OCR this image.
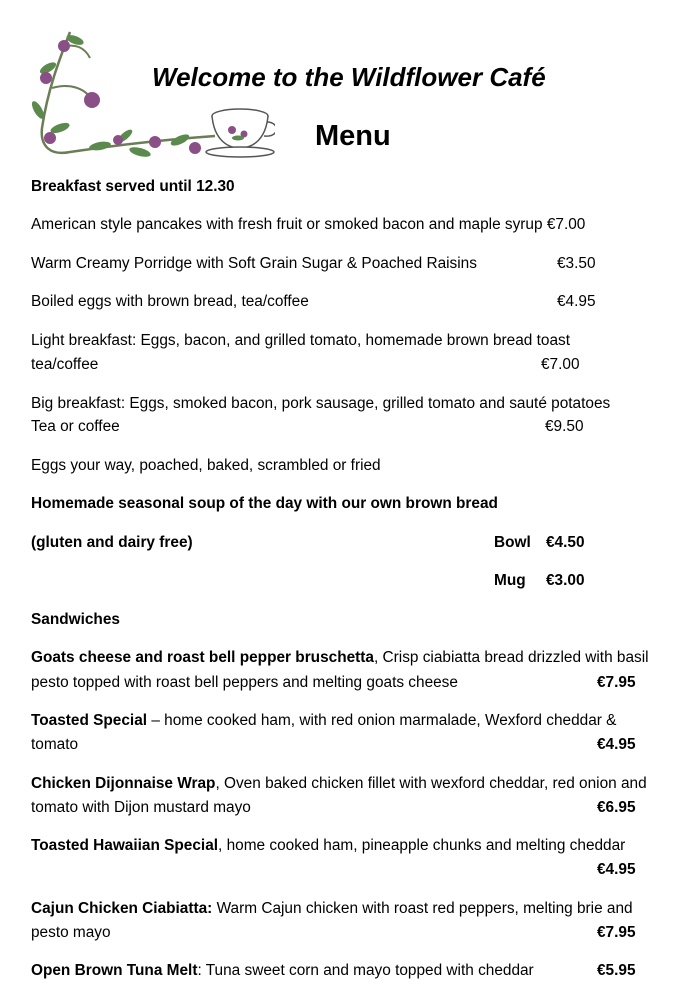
Welcome to the Wildflower Café
Menu
Breakfast served until 12.30
American style pancakes with fresh fruit or smoked bacon and maple syrup €7.00
Warm Creamy Porridge with Soft Grain Sugar & Poached Raisins	€3.50
Boiled eggs with brown bread, tea/coffee	€4.95
Light breakfast: Eggs, bacon, and grilled tomato, homemade brown bread toast
tea/coffee	€7.00
Big breakfast: Eggs, smoked bacon, pork sausage, grilled tomato and sauté potatoes
Tea or coffee	€9.50
Eggs your way, poached, baked, scrambled or fried
Homemade seasonal soup of the day with our own brown bread
(gluten and dairy free)	Bowl €4.50
Mug €3.00
Sandwiches
Goats cheese and roast bell pepper bruschetta, Crisp ciabiatta bread drizzled with basil
pesto topped with roast bell peppers and melting goats cheese	€7.95
Toasted Special – home cooked ham, with red onion marmalade, Wexford cheddar &
tomato	€4.95
Chicken Dijonnaise Wrap, Oven baked chicken fillet with wexford cheddar, red onion and
tomato with Dijon mustard mayo	€6.95
Toasted Hawaiian Special, home cooked ham, pineapple chunks and melting cheddar
€4.95
Cajun Chicken Ciabiatta: Warm Cajun chicken with roast red peppers, melting brie and
pesto mayo	€7.95
Open Brown Tuna Melt: Tuna sweet corn and mayo topped with cheddar	€5.95
